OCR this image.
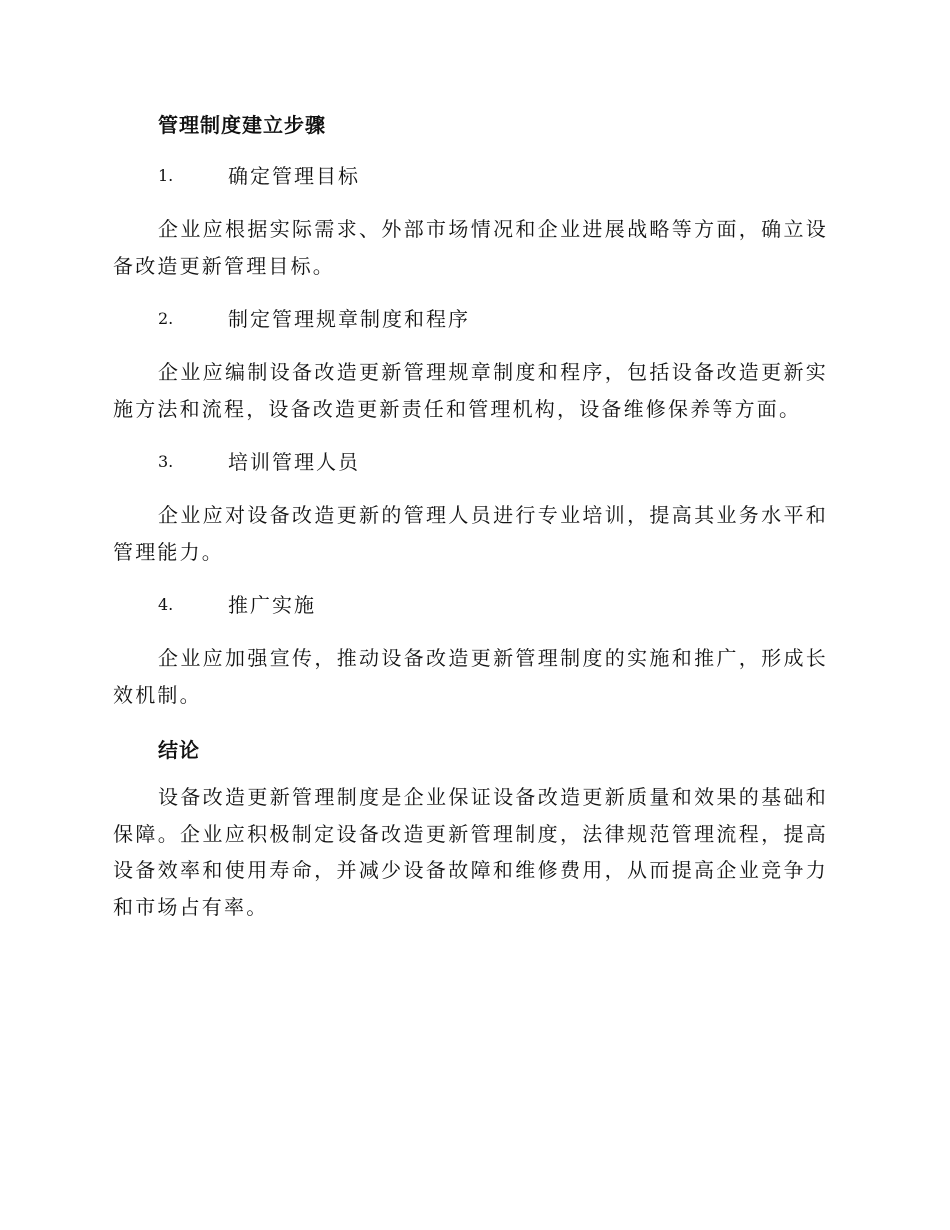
管理制度建立步骤
1.	确定管理目标

企业应根据实际需求、外部市场情况和企业进展战略等方面，确立设备改造更新管理目标。

2.	制定管理规章制度和程序

企业应编制设备改造更新管理规章制度和程序，包括设备改造更新实施方法和流程，设备改造更新责任和管理机构，设备维修保养等方面。

3.	培训管理人员

企业应对设备改造更新的管理人员进行专业培训，提高其业务水平和管理能力。

4.	推广实施

企业应加强宣传，推动设备改造更新管理制度的实施和推广，形成长效机制。

结论

设备改造更新管理制度是企业保证设备改造更新质量和效果的基础和保障。企业应积极制定设备改造更新管理制度，法律规范管理流程，提高设备效率和使用寿命，并减少设备故障和维修费用，从而提高企业竞争力和市场占有率。
